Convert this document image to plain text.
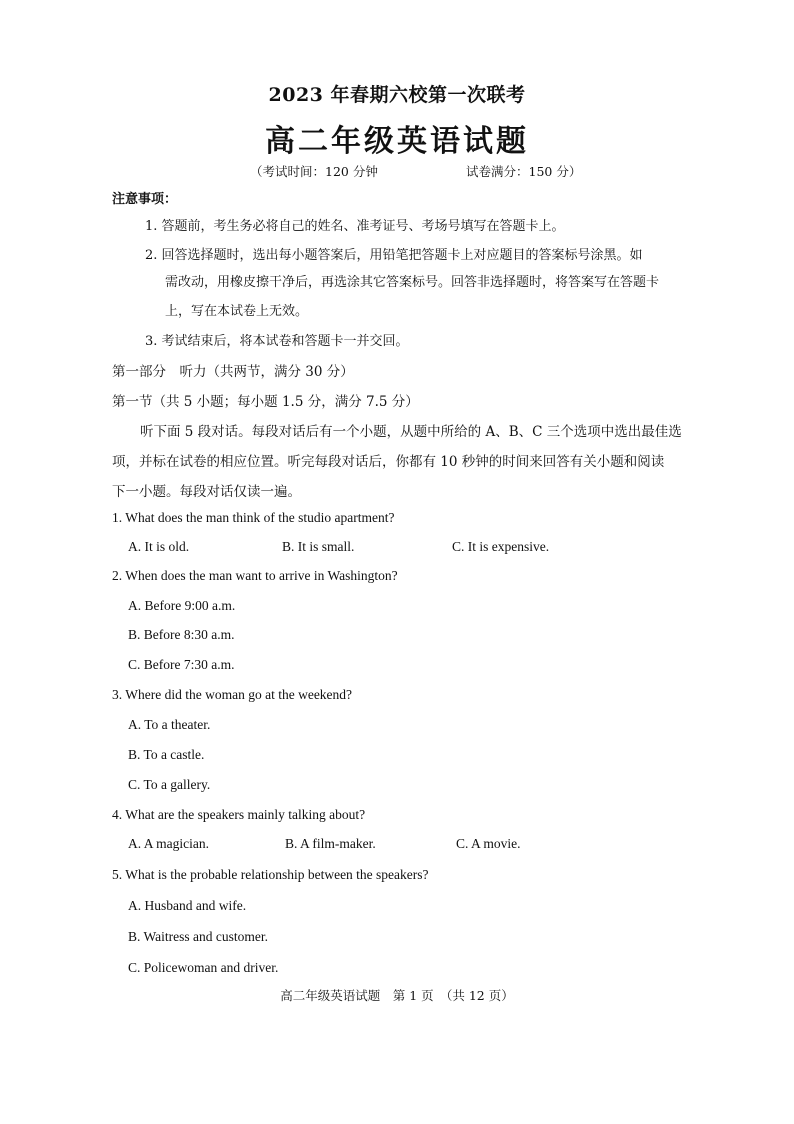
2023 年春期六校第一次联考
高二年级英语试题
（考试时间：120 分钟	试卷满分：150 分）
注意事项：
1. 答题前，考生务必将自己的姓名、准考证号、考场号填写在答题卡上。
2. 回答选择题时，选出每小题答案后，用铅笔把答题卡上对应题目的答案标号涂黑。如
需改动，用橡皮擦干净后，再选涂其它答案标号。回答非选择题时，将答案写在答题卡
上，写在本试卷上无效。
3. 考试结束后，将本试卷和答题卡一并交回。
第一部分　听力（共两节，满分 30 分）
第一节（共 5 小题；每小题 1.5 分，满分 7.5 分）
听下面 5 段对话。每段对话后有一个小题，从题中所给的 A、B、C 三个选项中选出最佳选
项，并标在试卷的相应位置。听完每段对话后，你都有 10 秒钟的时间来回答有关小题和阅读
下一小题。每段对话仅读一遍。
1. What does the man think of the studio apartment?
A. It is old.	B. It is small.	C. It is expensive.
2. When does the man want to arrive in Washington?
A. Before 9:00 a.m.
B. Before 8:30 a.m.
C. Before 7:30 a.m.
3. Where did the woman go at the weekend?
A. To a theater.
B. To a castle.
C. To a gallery.
4. What are the speakers mainly talking about?
A. A magician.	B. A film-maker.	C. A movie.
5. What is the probable relationship between the speakers?
A. Husband and wife.
B. Waitress and customer.
C. Policewoman and driver.
高二年级英语试题　第 1 页　（共 12 页）
